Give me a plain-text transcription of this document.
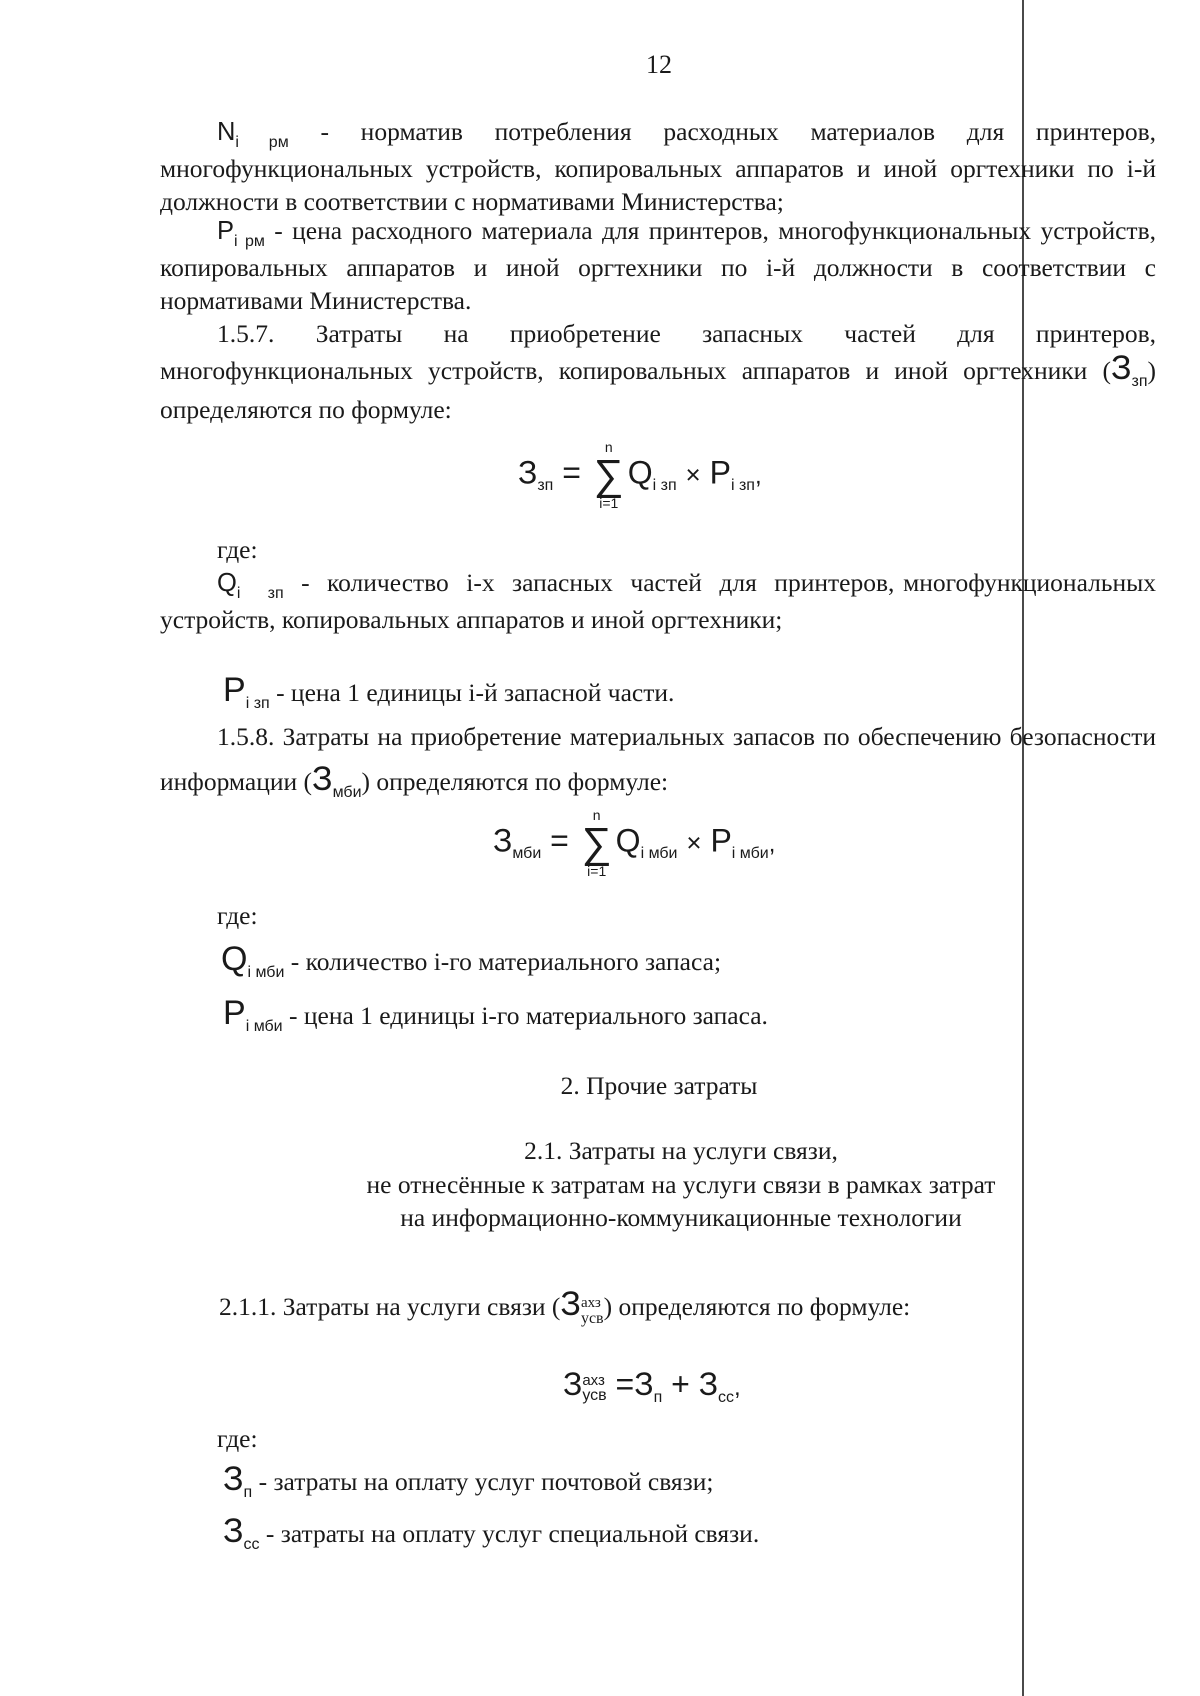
12

$N_{i рм}$ - норматив потребления расходных материалов для принтеров, многофункциональных устройств, копировальных аппаратов и иной оргтехники по i-й должности в соответствии с нормативами Министерства;

$P_{i рм}$ - цена расходного материала для принтеров, многофункциональных устройств, копировальных аппаратов и иной оргтехники по i-й должности в соответствии с нормативами Министерства.

1.5.7. Затраты на приобретение запасных частей для принтеров, многофункциональных устройств, копировальных аппаратов и иной оргтехники $(З_{зп})$ определяются по формуле:

$З_{зп}$ =
n
∑
i=1
$Q_{i зп} \times P_{i зп}$,

где:

$Q_{i зп}$  -  количество  i-х  запасных  частей  для  принтеров, многофункциональных устройств, копировальных аппаратов и иной оргтехники;

$P_{i зп}$ - цена 1 единицы i-й запасной части.

1.5.8. Затраты на приобретение материальных запасов по обеспечению безопасности информации $(З_{мби})$ определяются по формуле:

$З_{мби}$ =
n
∑
i=1
$Q_{i мби} \times P_{i мби}$,

где:

$Q_{i мби}$ - количество i-го материального запаса;

$P_{i мби}$ - цена 1 единицы i-го материального запаса.

2. Прочие затраты

2.1. Затраты на услуги связи,

не отнесённые к затратам на услуги связи в рамках затрат

на информационно-коммуникационные технологии

2.1.1. Затраты на услуги связи (З ахз
усв ) определяются по формуле:

З ахз
усв $=З_п + З_{сс}$,

где:

$З_п$ - затраты на оплату услуг почтовой связи;

$З_{сс}$ - затраты на оплату услуг специальной связи.
